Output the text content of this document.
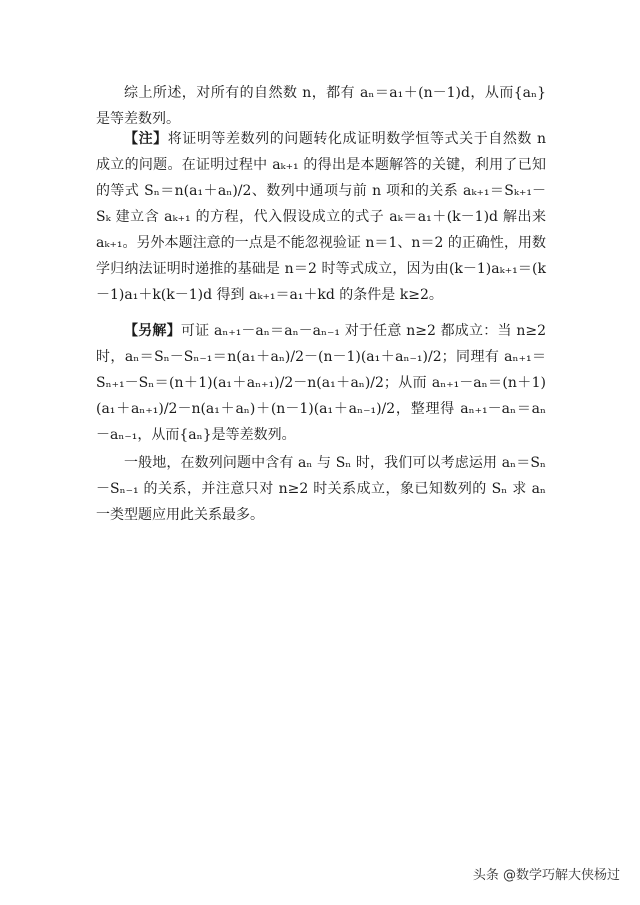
综上所述，对所有的自然数 n，都有 aₙ＝a₁＋(n－1)d，从而{aₙ}是等差数列。
【注】将证明等差数列的问题转化成证明数学恒等式关于自然数 n 成立的问题。在证明过程中 aₖ₊₁ 的得出是本题解答的关键，利用了已知的等式 Sₙ＝n(a₁＋aₙ)/2、数列中通项与前 n 项和的关系 aₖ₊₁＝Sₖ₊₁－Sₖ 建立含 aₖ₊₁ 的方程，代入假设成立的式子 aₖ＝a₁＋(k－1)d 解出来 aₖ₊₁。另外本题注意的一点是不能忽视验证 n＝1、n＝2 的正确性，用数学归纳法证明时递推的基础是 n＝2 时等式成立，因为由(k－1)aₖ₊₁＝(k－1)a₁＋k(k－1)d 得到 aₖ₊₁＝a₁＋kd 的条件是 k≥2。
【另解】可证 aₙ₊₁－aₙ＝aₙ－aₙ₋₁ 对于任意 n≥2 都成立：当 n≥2 时，aₙ＝Sₙ－Sₙ₋₁＝n(a₁＋aₙ)/2－(n－1)(a₁＋aₙ₋₁)/2；同理有 aₙ₊₁＝Sₙ₊₁－Sₙ＝(n＋1)(a₁＋aₙ₊₁)/2－n(a₁＋aₙ)/2；从而 aₙ₊₁－aₙ＝(n＋1)(a₁＋aₙ₊₁)/2－n(a₁＋aₙ)＋(n－1)(a₁＋aₙ₋₁)/2，整理得 aₙ₊₁－aₙ＝aₙ－aₙ₋₁，从而{aₙ}是等差数列。
一般地，在数列问题中含有 aₙ 与 Sₙ 时，我们可以考虑运用 aₙ＝Sₙ－Sₙ₋₁ 的关系，并注意只对 n≥2 时关系成立，象已知数列的 Sₙ 求 aₙ 一类型题应用此关系最多。
头条 @数学巧解大侠杨过
